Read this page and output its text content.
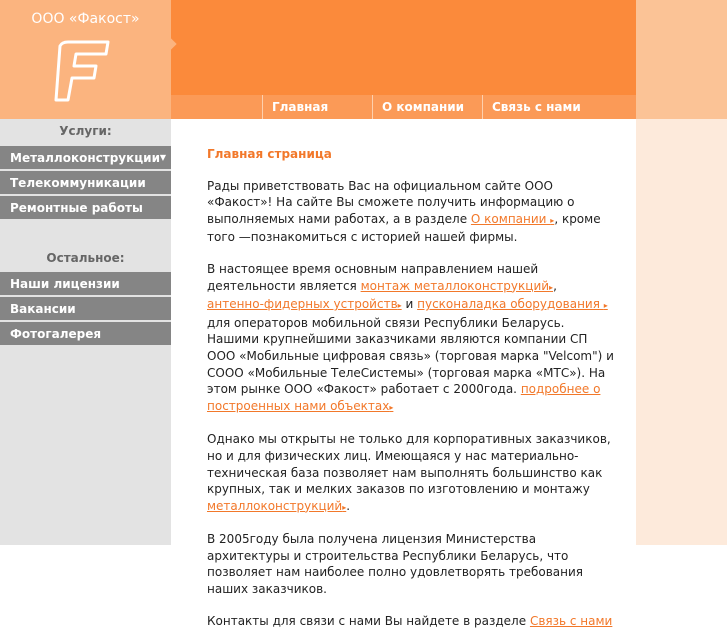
ООО «Факост»
Главная	О компании	Связь с нами
Услуги:
Металлоконструкции ▼
Телекоммуникации
Ремонтные работы
Остальное:
Наши лицензии
Вакансии
Фотогалерея
Главная страница

Рады приветствовать Вас на официальном сайте ООО «Факост»! На сайте Вы сможете получить информацию о выполняемых нами работах, а в разделе О компании ▸, кроме того —познакомиться с историей нашей фирмы.

В настоящее время основным направлением нашей деятельности является монтаж металлоконструкций▸, антенно-фидерных устройств▸ и пусконаладка оборудования ▸ для операторов мобильной связи Республики Беларусь. Нашими крупнейшими заказчиками являются компании СП ООО «Мобильные цифровая связь» (торговая марка "Velcom") и СООО «Мобильные ТелеСистемы» (торговая марка «МТС»). На этом рынке ООО «Факост» работает с 2000года. подробнее о построенных нами объектах▸

Однако мы открыты не только для корпоративных заказчиков, но и для физических лиц. Имеющаяся у нас материально-техническая база позволяет нам выполнять большинство как крупных, так и мелких заказов по изготовлению и монтажу металлоконструкций▸.

В 2005году была получена лицензия Министерства архитектуры и строительства Республики Беларусь, что позволяет нам наиболее полно удовлетворять требования наших заказчиков.

Контакты для связи с нами Вы найдете в разделе Связь с нами
